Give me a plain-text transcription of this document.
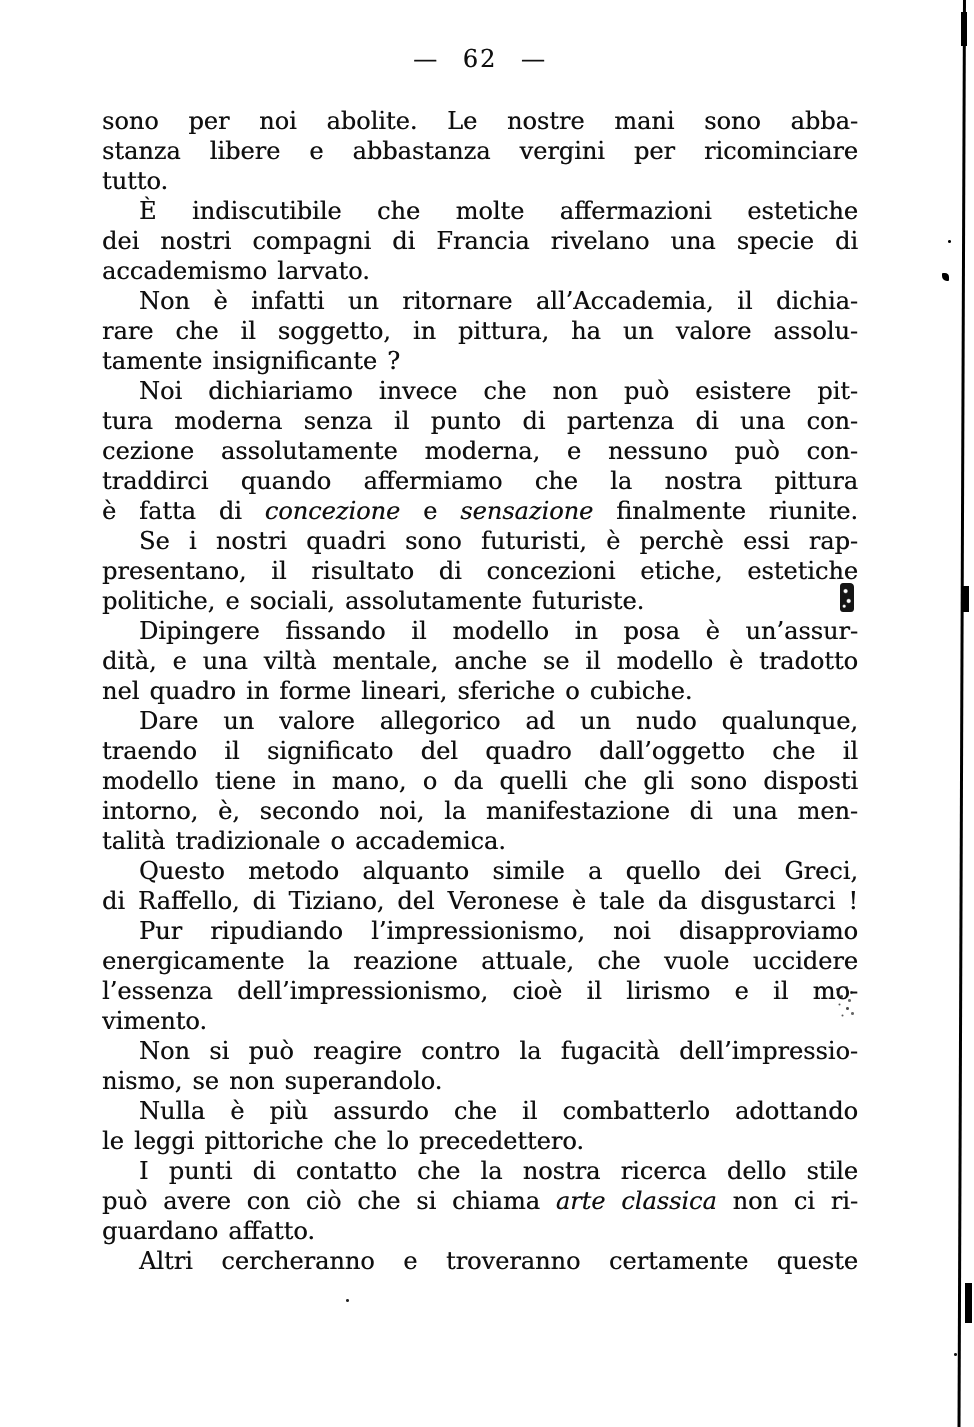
— 62 —
sono per noi abolite. Le nostre mani sono abba-
stanza libere e abbastanza vergini per ricominciare
tutto.
È indiscutibile che molte affermazioni estetiche
dei nostri compagni di Francia rivelano una specie di
accademismo larvato.
Non è infatti un ritornare all’Accademia, il dichia-
rare che il soggetto, in pittura, ha un valore assolu-
tamente insignificante ?
Noi dichiariamo invece che non può esistere pit-
tura moderna senza il punto di partenza di una con-
cezione assolutamente moderna, e nessuno può con-
traddirci quando affermiamo che la nostra pittura
è fatta di concezione e sensazione finalmente riunite.
Se i nostri quadri sono futuristi, è perchè essi rap-
presentano, il risultato di concezioni etiche, estetiche
politiche, e sociali, assolutamente futuriste.
Dipingere fissando il modello in posa è un’assur-
dità, e una viltà mentale, anche se il modello è tradotto
nel quadro in forme lineari, sferiche o cubiche.
Dare un valore allegorico ad un nudo qualunque,
traendo il significato del quadro dall’oggetto che il
modello tiene in mano, o da quelli che gli sono disposti
intorno, è, secondo noi, la manifestazione di una men-
talità tradizionale o accademica.
Questo metodo alquanto simile a quello dei Greci,
di Raffello, di Tiziano, del Veronese è tale da disgustarci !
Pur ripudiando l’impressionismo, noi disapproviamo
energicamente la reazione attuale, che vuole uccidere
l’essenza dell’impressionismo, cioè il lirismo e il mo-
vimento.
Non si può reagire contro la fugacità dell’impressio-
nismo, se non superandolo.
Nulla è più assurdo che il combatterlo adottando
le leggi pittoriche che lo precedettero.
I punti di contatto che la nostra ricerca dello stile
può avere con ciò che si chiama arte classica non ci ri-
guardano affatto.
Altri cercheranno e troveranno certamente queste
